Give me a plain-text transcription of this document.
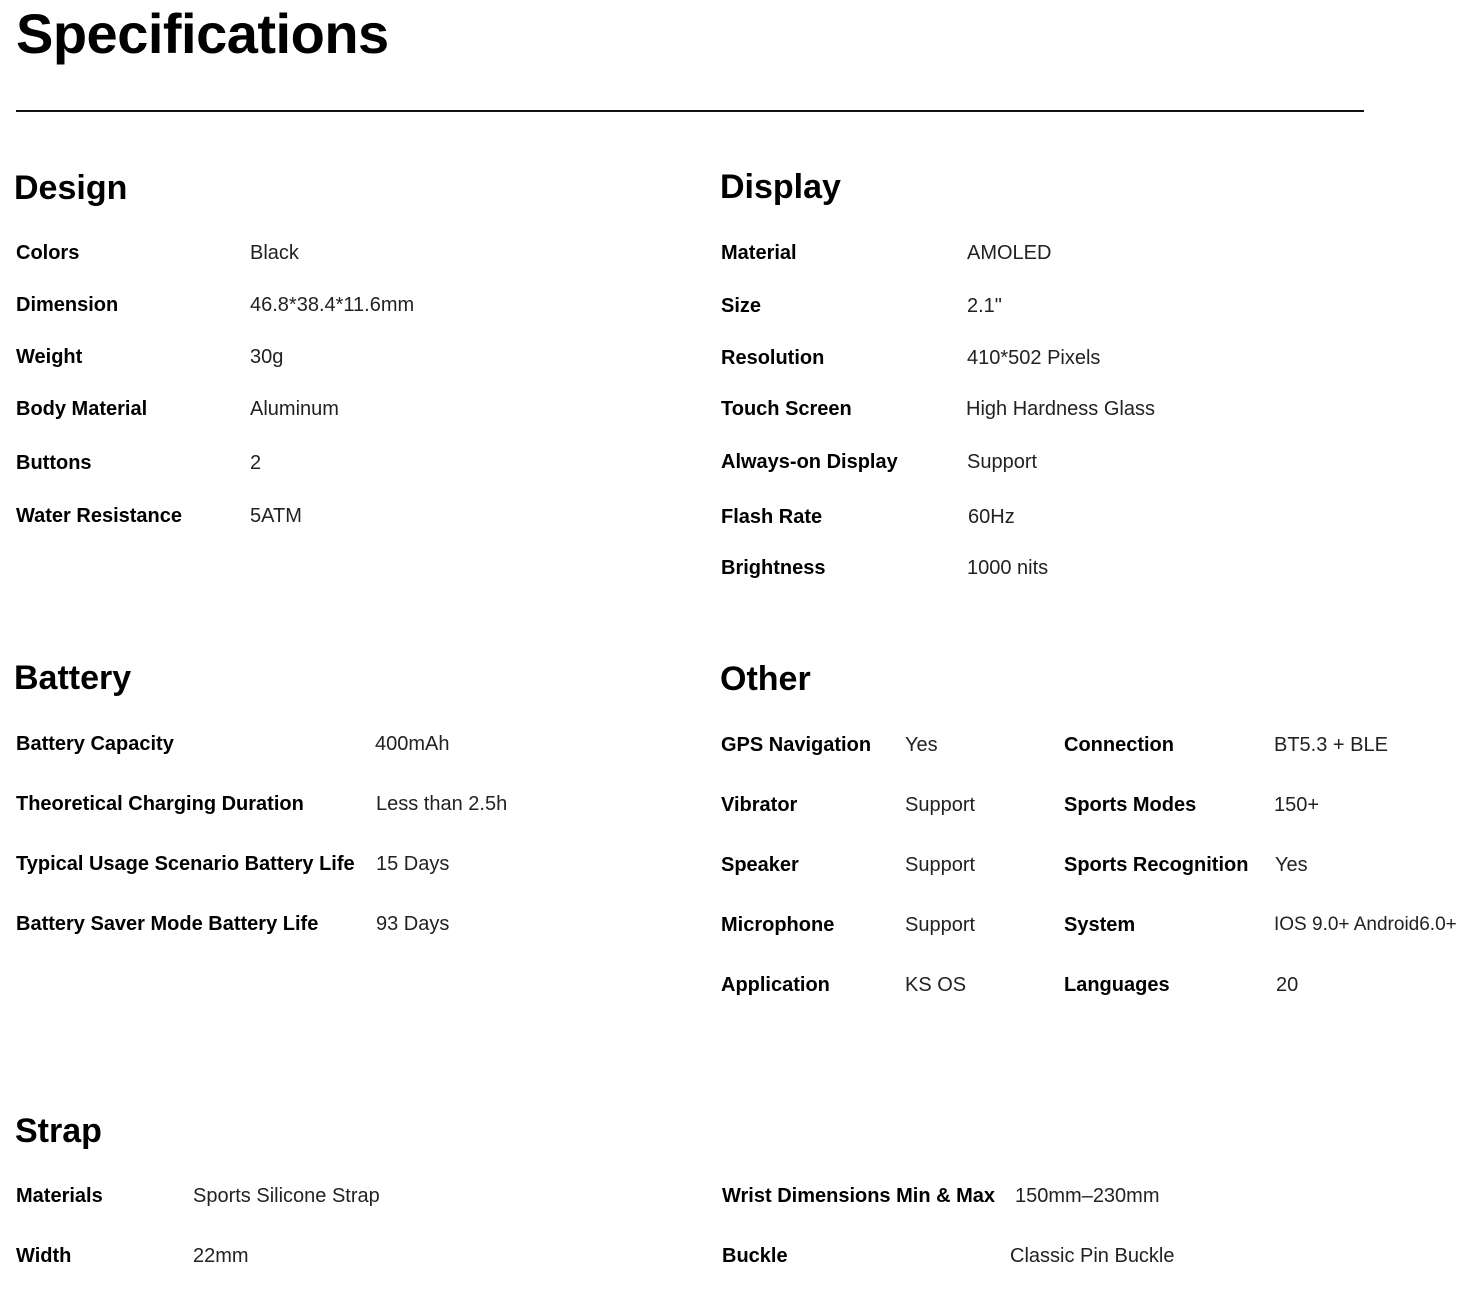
Specifications
Design
Colors	Black
Dimension	46.8*38.4*11.6mm
Weight	30g
Body Material	Aluminum
Buttons	2
Water Resistance	5ATM
Display
Material	AMOLED
Size	2.1"
Resolution	410*502 Pixels
Touch Screen	High Hardness Glass
Always-on Display	Support
Flash Rate	60Hz
Brightness	1000 nits
Battery
Battery Capacity	400mAh
Theoretical Charging Duration	Less than 2.5h
Typical Usage Scenario Battery Life 15 Days
Battery Saver Mode Battery Life	93 Days
Other
GPS Navigation Yes	Connection	BT5.3 + BLE
Vibrator	Support	Sports Modes	150+
Speaker	Support	Sports Recognition Yes
Microphone	Support	System	IOS 9.0+ Android6.0+
Application	KS OS	Languages	20
Strap
Materials	Sports Silicone Strap	Wrist Dimensions Min & Max 150mm–230mm
Width	22mm	Buckle	Classic Pin Buckle
